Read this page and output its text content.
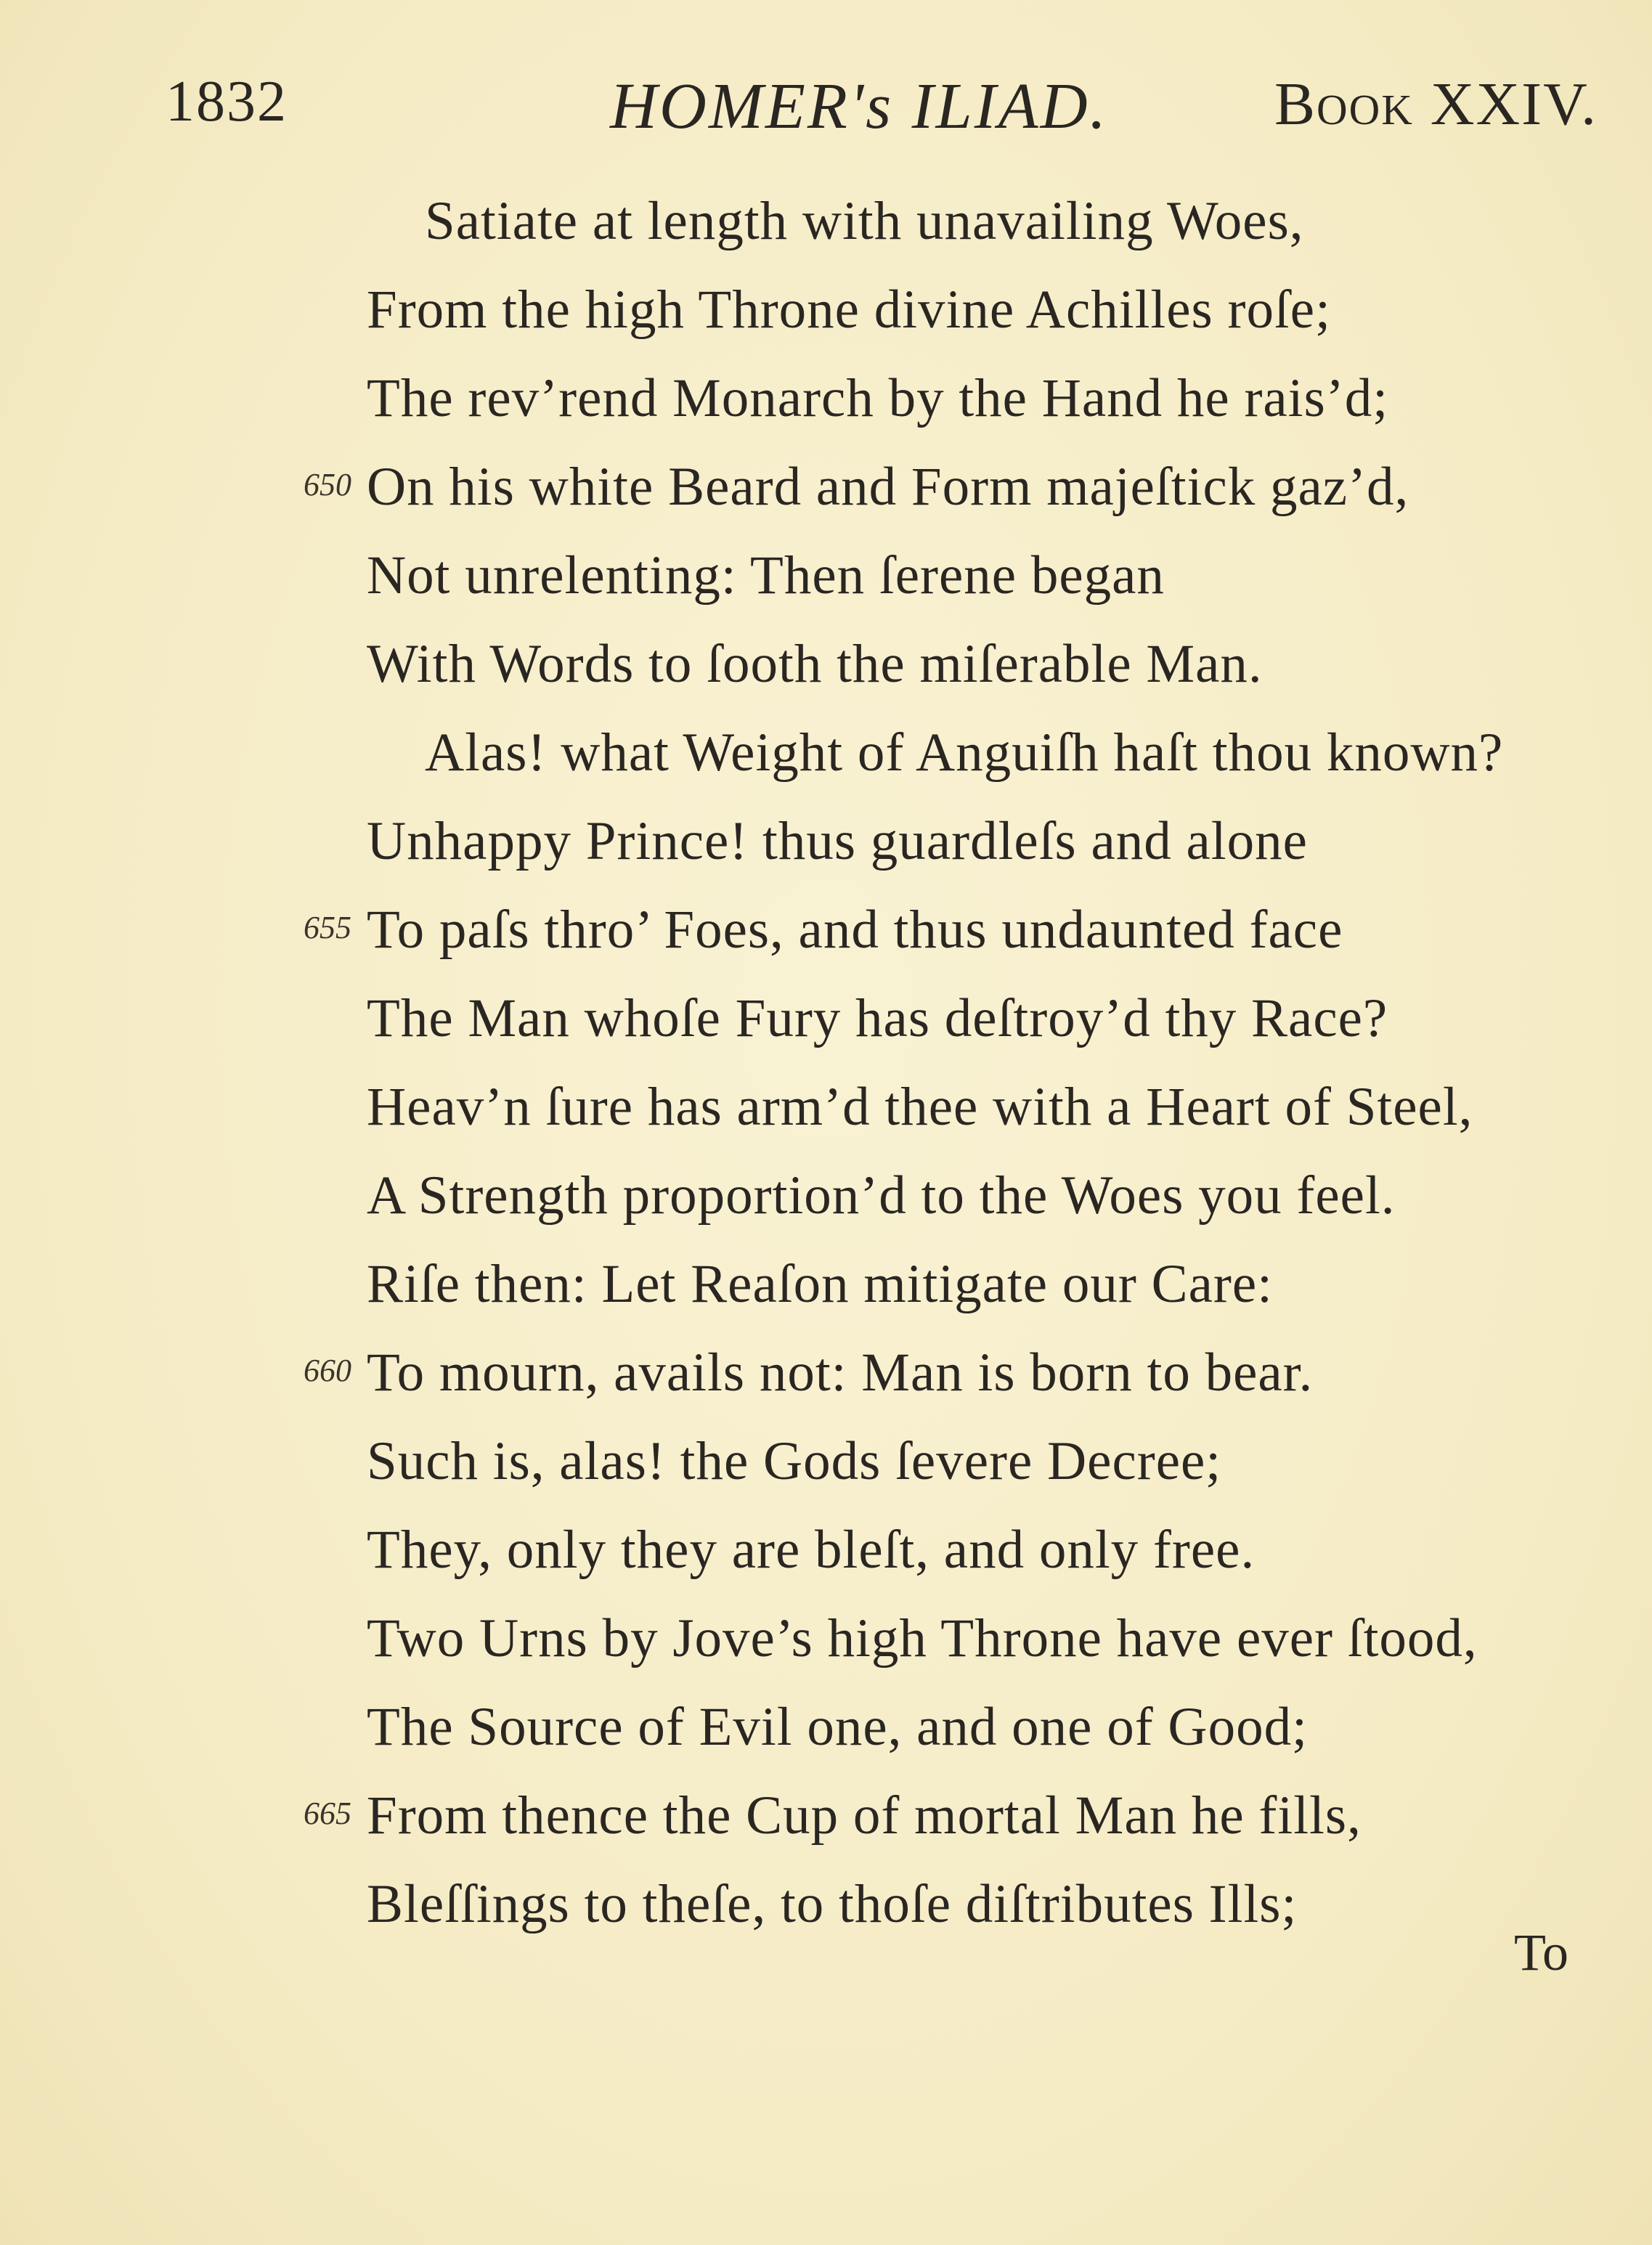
1832	HOMER's ILIAD.	Book XXIV.
Satiate at length with unavailing Woes,
From the high Throne divine Achilles roſe;
The rev’rend Monarch by the Hand he rais’d;
650 On his white Beard and Form majeſtick gaz’d,
Not unrelenting: Then ſerene began
With Words to ſooth the miſerable Man.
Alas! what Weight of Anguiſh haſt thou known?
Unhappy Prince! thus guardleſs and alone
655 To paſs thro’ Foes, and thus undaunted face
The Man whoſe Fury has deſtroy’d thy Race?
Heav’n ſure has arm’d thee with a Heart of Steel,
A Strength proportion’d to the Woes you feel.
Riſe then: Let Reaſon mitigate our Care:
660 To mourn, avails not: Man is born to bear.
Such is, alas! the Gods ſevere Decree;
They, only they are bleſt, and only free.
Two Urns by Jove’s high Throne have ever ſtood,
The Source of Evil one, and one of Good;
665 From thence the Cup of mortal Man he fills,
Bleſſings to theſe, to thoſe diſtributes Ills;
To
